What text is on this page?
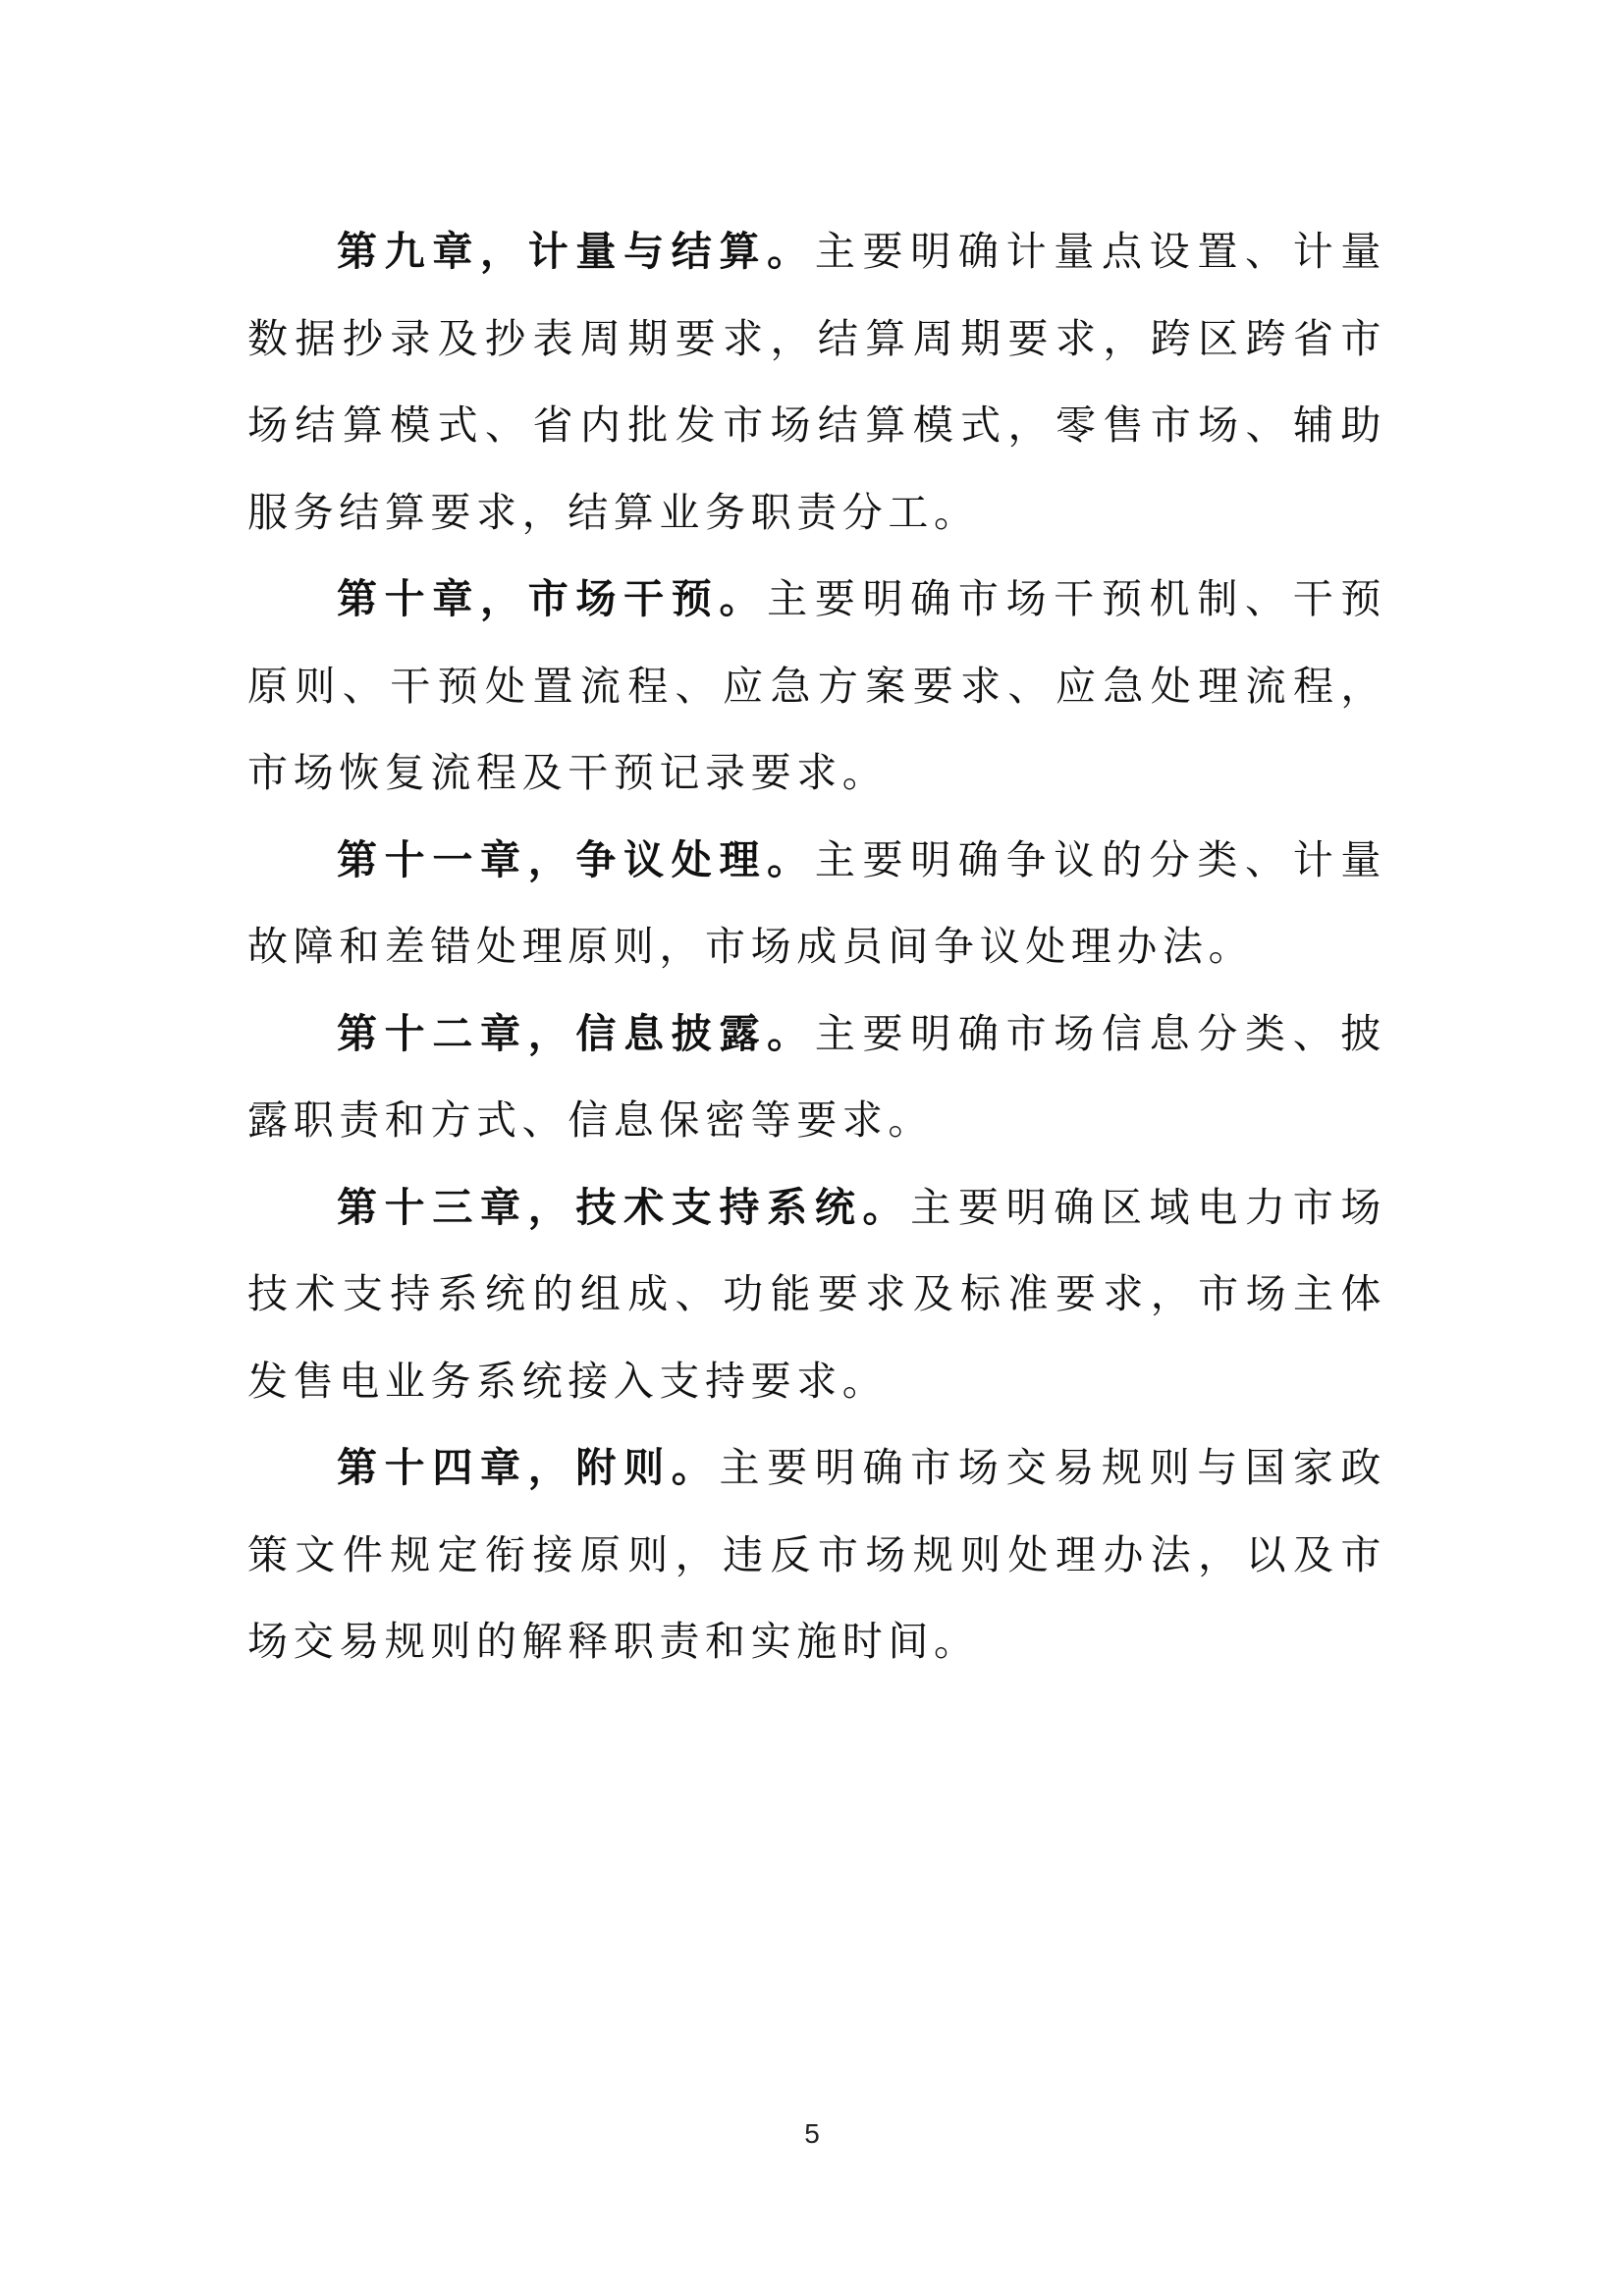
第九章，计量与结算。主要明确计量点设置、计量数据抄录及抄表周期要求，结算周期要求，跨区跨省市场结算模式、省内批发市场结算模式，零售市场、辅助服务结算要求，结算业务职责分工。

第十章，市场干预。主要明确市场干预机制、干预原则、干预处置流程、应急方案要求、应急处理流程，市场恢复流程及干预记录要求。

第十一章，争议处理。主要明确争议的分类、计量故障和差错处理原则，市场成员间争议处理办法。

第十二章，信息披露。主要明确市场信息分类、披露职责和方式、信息保密等要求。

第十三章，技术支持系统。主要明确区域电力市场技术支持系统的组成、功能要求及标准要求，市场主体发售电业务系统接入支持要求。

第十四章，附则。主要明确市场交易规则与国家政策文件规定衔接原则，违反市场规则处理办法，以及市场交易规则的解释职责和实施时间。

5
